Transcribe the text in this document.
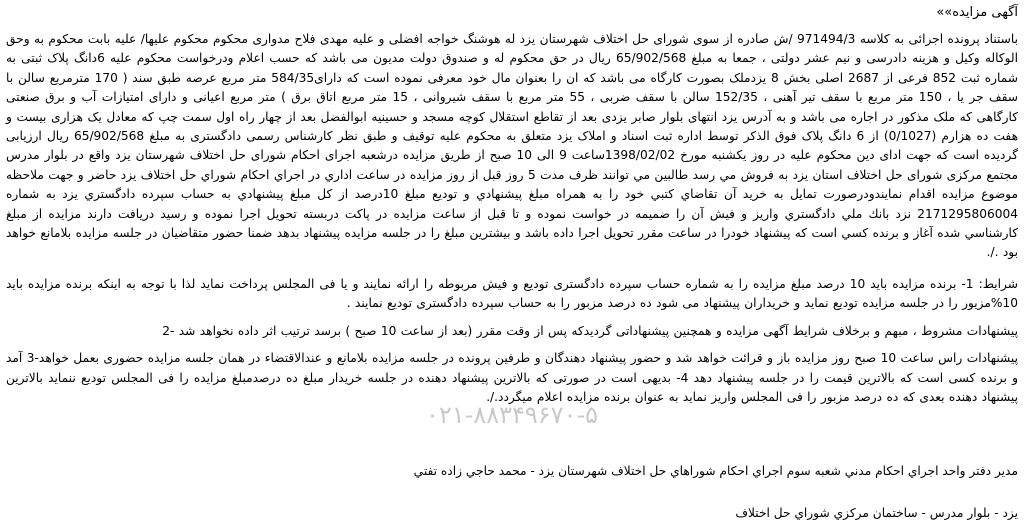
آگهی مزایده»»

باستناد پرونده اجرائی به کلاسه 971494/3 /ش صادره از سوی شورای حل اختلاف شهرستان یزد له هوشنگ خواجه افضلی و علیه مهدی فلاح مدواری محکوم محکوم علیها/ علیه بابت محکوم به وحق الوکاله وکیل و هزینه دادرسی و نیم عشر دولتی ، جمعا به مبلغ 65/902/568 ریال در حق محکوم له و صندوق دولت مدیون می باشد که حسب اعلام ودرخواست محکوم علیه 6دانگ پلاک ثبتی به شماره ثبت 852 فرعی از 2687 اصلی بخش 8 یزدملک بصورت کارگاه می باشد که ان را بعنوان مال خود معرفی نموده است که دارای584/35 متر مربع عرصه طبق سند ( 170 مترمربع سالن با سقف جر یا ، 150 متر مربع با سقف تیر آهنی ، 152/35 سالن با سقف ضربی ، 55 متر مربع با سقف شیروانی ، 15 متر مربع اتاق برق ) متر مربع اعیانی و دارای امتیازات آب و برق صنعتی کارگاهی که ملک مذکور در اجاره می باشد و به آدرس یزد انتهای بلوار صابر یزدی بعد از تقاطع استقلال کوچه مسجد و حسینیه ابوالفضل بعد از چهار راه اول سمت چپ که معادل یک هزاری بیست و هفت ده هزارم (0/1027) از 6 دانگ پلاک فوق الذکر توسط اداره ثبت اسناد و املاک یزد متعلق به محکوم علیه توقیف و طبق نظر کارشناس رسمی دادگستری به مبلغ 65/902/568 ریال ارزیابی گردیده است که جهت ادای دین محکوم علیه در روز یکشنبه مورخ 1398/02/02ساعت 9 الی 10 صبح از طریق مزایده درشعبه اجرای احکام شورای حل اختلاف شهرستان یزد واقع در بلوار مدرس مجتمع مرکزی شورای حل اختلاف استان یزد به فروش مي رسد طالبين مي توانند ظرف مدت 5 روز قبل از روز مزايده در ساعت اداري در اجراي احكام شوراي حل اختلاف يزد حاضر و جهت ملاحظه موضوع مزايده اقدام نمايندودرصورت تمايل به خريد آن تقاضاي كتبي خود را به همراه مبلغ پيشنهادي و توديع مبلغ 10درصد از كل مبلغ پيشنهادي به حساب سپرده دادگستري يزد به شماره 2171295806004 نزد بانك ملي دادگستري واريز و فيش آن را ضميمه در خواست نموده و تا قبل از ساعت مزايده در پاكت دربسته تحويل اجرا نموده و رسيد دريافت دارند مزايده از مبلغ كارشناسي شده آغاز و برنده كسي است كه پيشنهاد خودرا در ساعت مقرر تحويل اجرا داده باشد و بيشترين مبلغ را در جلسه مزايده پيشنهاد بدهد ضمنا حضور متقاضيان در جلسه مزايده بلامانع خواهد بود ./.

شرایط: 1- برنده مزایده باید 10 درصد مبلغ مزایده را به شماره حساب سپرده دادگستری تودیع و فیش مربوطه را ارائه نمایند و یا فی المجلس پرداخت نماید لذا با توجه به اینکه برنده مزایده باید 10%مزیور را در جلسه مزایده تودیع نماید و خریداران پیشنهاد می شود ده درصد مزبور را به حساب سپرده دادگستری تودیع نمایند .

پیشنهادات مشروط ، مبهم و برخلاف شرایط آگهی مزایده و همچنین پیشنهاداتی گردیدکه پس از وقت مقرر (بعد از ساعت 10 صبح ) برسد ترتیب اثر داده نخواهد شد -2

پیشنهادات راس ساعت 10 صبح روز مزایده باز و قرائت خواهد شد و حضور پیشنهاد دهندگان و طرفین پرونده در جلسه مزایده بلامانع و عندالاقتضاء در همان جلسه مزایده حضوری بعمل خواهد-3 آمد و برنده کسی است که بالاترین قیمت را در جلسه پیشنهاد دهد 4- بدیهی است در صورتی که بالاترین پیشنهاد دهنده در جلسه خریدار مبلغ ده درصدمبلغ مزایده را فی المجلس تودیع ننماید بالاترین پیشنهاد دهنده بعدی که ده درصد مزبور را فی المجلس واریز نماید به عنوان برنده مزایده اعلام میگردد./.

۰۲۱-۸۸۳۴۹۶۷۰-۵
مدیر دفتر واحد اجراي احكام مدني شعبه سوم اجراي احكام شوراهاي حل اختلاف شهرستان يزد - محمد حاجي زاده تفتي
يزد - بلوار مدرس - ساختمان مركزي شوراي حل اختلاف
